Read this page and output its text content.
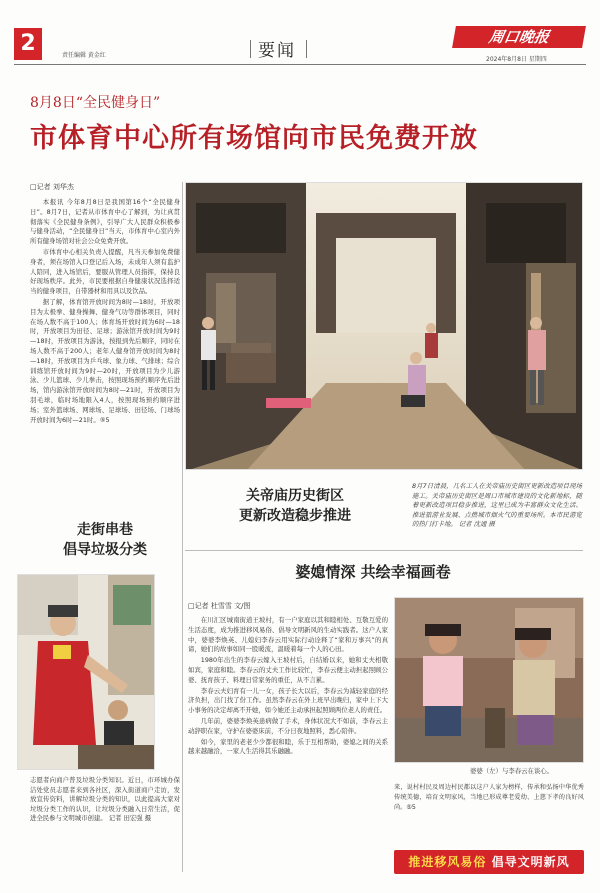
2	责任编辑 黄金红	要闻
周口晚报
2024年8月8日 星期四
8月8日“全民健身日”
市体育中心所有场馆向市民免费开放
□记者 刘华杰

本报讯 今年8月8日是我国第16个“全民健身日”。8月7日，记者从市体育中心了解到，为让真贯彻落实《全民健身条例》，引导广大人民群众积极参与健身活动，“全民健身日”当天，市体育中心室内外所有健身场馆对社会公众免费开放。

市体育中心相关负责人提醒，凡当天参加免费健身者，须在场馆入口登记后入场，未成年人须有监护人陪同，进入场馆后，要服从管理人员指挥，保持良好现场秩序。此外，市民要根据自身健康状况选择适当的健身项目，自带器材和用具以及饮品。

据了解，体育馆开放时间为8时—18时，开放项目为太极拳、健身操舞、健身气功等群体项目，同时在场人数不高于100人；体育场开放时间为6时—18时，开放项目为田径、足球；游泳馆开放时间为9时—18时，开放项目为游泳，按报到先后顺序，同时在场人数不高于200人；老年人健身馆开放时间为8时—18时，开放项目为乒乓球、象力球、气排球；综合训练馆开放时间为9时—20时，开放项目为少儿游泳、少儿篮球、少儿拳击，按照现场预约顺序先后进场，馆内游泳馆开放时间为8时—21时，开放项目为羽毛球，临时场地限入4人，按照现场预约顺序进场；室外篮球场、网球场、足球场、田径场、门球场开放时间为6时—21时。⑤5

8月7日清晨，几名工人在关帝庙历史街区更新改造项目现场施工。关帝庙历史街区是周口市城市建设的文化新地标，随着更新改造项目稳步推进，这里已成为丰富群众文化生活、推进旅游业发展、点燃城市烟火气的重要场所。本市民游览的热门打卡地。 记者 沈通 摄
关帝庙历史街区
更新改造稳步推进
走街串巷
倡导垃圾分类
志愿者向商户普及垃圾分类知识。近日，市环城办保洁处党员志愿者来到各社区，深入街道商户走访，发放宣传资料，讲解垃圾分类的知识，以此提高大家对垃圾分类工作的认识，让垃圾分类融入日常生活，促进全民参与文明城市创建。 记者 田宏强 摄
婆媳情深 共绘幸福画卷
□记者 杜雪雪 文/图

在川汇区城南街道王坡村，有一户家庭以其和睦相处、互敬互爱的生活态度，成为推进移风易俗、倡导文明新风的生动实践者。这户人家中，婆婆李焕英、儿媳妇李春云用实际行动诠释了“家和万事兴”的真谛，她们的故事如同一股暖流，温暖着每一个人的心田。

1980年出生的李春云嫁入王坡村后，自结婚以来，她和丈夫相敬如宾，家庭和睦。李春云的丈夫工作比较忙，李春云便主动担起照顾公婆、抚育孩子、料理日常家务的重任，从不言累。

李春云夫妇育有一儿一女，孩子长大以后，李春云为减轻家庭的经济负担，出门找了份工作。虽然李春云在外上班早出晚归，家中上下大小事务的决定却离不开她，如今她还主动承担起照顾两位老人的责任。

几年前，婆婆李焕英患病做了手术，身体状况大不如前，李春云主动辞职在家，守护在婆婆床前，不分日夜地照料，悉心陪伴。

如今，家里的老老少少都很和睦，乐于互相帮助，婆媳之间的关系越来越融洽，一家人生活得其乐融融。

婆婆（左）与李春云在谈心。
来，说村村民及周边村民都以这户人家为榜样，传承和弘扬中华优秀传统美德，培育文明家风，当地已形成尊老爱幼、上慈下孝的良好风尚。⑤5
推进移风易俗 倡导文明新风
